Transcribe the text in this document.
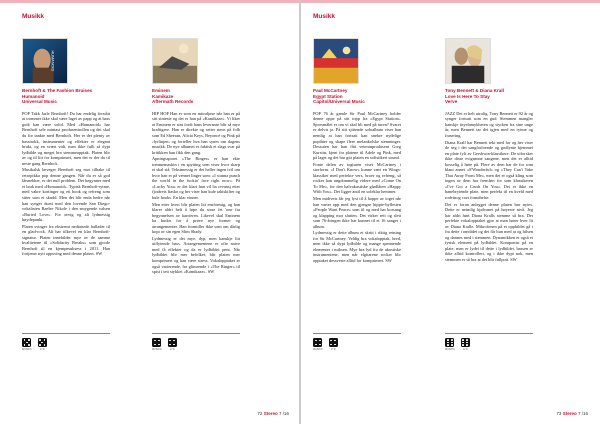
Musikk
HUMANOID
Bernhoft & The Fashion Bruises
Humanoid
Universal Music

POP Takk Jarle Bernhoft! Du har endelig forstått at trommer ikke skal være laget av papp og at bass godt kan være solid. Med «Humanoid» har Bernhoft selv mintast produsentrollen og det skal du for tankte med Bernhoft. Her er det plenty av basstrokk, instrumenter og effekter er elegant brukt, og en svært vidt, men ikke fullt så dypt lydbilde og meget bra stemmeopptak. Platen blir av og til litt for komprimert, men det er der du til neste gang Bernhoft.

Musikalsk beveger Bernhoft seg mot tilbake til retropikka pop denne gangen. Når du er så god låtsnekker, er det null problem. Det begynner med et brak med «Humanoid». Typisk Bernhoft-rytme, med vakre kortinger og ett hook og refreng som sitter som et skudd. Men det blir enda bedre når han synger duett med den lovende San Diego-vokalisten Raelee Nikole i den smygende valsen «Buried Love». For ørvig og alt lydmessig høydepunkt.

Platen svinger fra ekstremt nedtonede ballader til en glad-rock. Alt har tilkeveí en klar Bernhoft-signatur. Platen innehilder mye av de samme kvalitetene til «Solidarity Breaks» som gjorde Bernhoft til en kjempesuksess i 2011. Han fortjener nytt oppsving med denne platen. SW

Eminem
Kamikaze
Aftermath Records

HIP HOP Han er som en mitraljøse når han er på sitt sinteste og det er han på «Kamikaze». Vi liker at Eminem er sint fordi hans leveranse blir så mye kraftigere. Han er direkte og setter navn på folk som Ed Sheeran, Alicia Keys, Beyoncé og Pink på ‹fyrlinjen› og forteller hva han synes om dagens musikk. De nye albumet er faktisk et slags svar på kritikken han fikk den gang.

Åpningssporet «The Ringer» er han ekte tommemaskin i en spytting som viser hvor skarp et skal stå. Tekstmessig er det heller ingen tvil om hvor han er på vennet linger som: «I wanna punch the world in the fuckin' face right now». På «Lucky You» er det klart han vil ha revansj etter fjorårets fiasko og her viser han kule taktskifter og kule hooks. En klar vinner.

Men etter hvert blir platen litt ensformig, og han klarer aldri helt å løpe du store fet 'one fra begynnelsen av karrieren. Likevel skal Eminem ha kudos for å prøve nye former og arrangementer. Han formidler ikke som om dårlig kopi av sin egen Slim Shady.

Lydmessig er det mye, dyp, men kanskje litt utflytende bass. Arrangementene er ofte naive med få effekter og da er lydbildet pent. Når lydbildet blir mer befolket, blir platen mer komprimert og kan være stress. Vokalopptaket er også varierende, fra glimrende i «The Ringer» til spist i tett stykket «Kamikaze». SW

MUSIKK	LYD	MUSIKK	LYD
72 Stereo 7 /16
Musikk
Paul McCartney
Egypt Station
Capitol/Universal Music

POP 76 år gamle Sir Paul McCartney holder denne oppe på sitt topp fra «Egypt Station». Sporsmålet er om vi skal bli med på turen? Svaret er delvis ja. På sitt sjittende soloalbum viser han nemlig at han fortsatt kan snekre nydelige poplåter og skape flere melankolske stemninger. Dessuten har han fått veteranprodusent Greg Kurstin, kjent fra platene til Adele og Pink, med på laget og det har gitt platen en sofistikert sound.

Fonte delen av togturen viser McCartney i storform. «I Don't Know» kunne vært en Wings-klassiker med perfekte vers, broer og refreng, så rocker han ungdommelig videre med «Come On To Me», for den halvakustiske glødlåten «Happy With You». Det ligger antil en soleklar hemmer.

Men midtveis får jeg lyst til å hoppe av toget når han varter opp med den gjengse hippie-hyllesten «People Want Peace» som til og med har korsang og klapping mot slutten. Det virker rett og slett som 76-åringen ikke har kunnet til et 16 sanger i album.

Lydmessig er dette album et skritt i riktig retning for Sir McCartney. Veldig bra vokalopptak, bred, men ikke så dypt lydbilde og mange spennende elementer i miksen. Mye bra lyd fra de akustiske instrumentene, men når elgitarene rocker blir opptaket dessverre alltid for komprimert. SW

Tony Bennett & Diana Krall
Love Is Here To Stay
Verve

JAZZ Det er helt utrolig. Tony Bennett er 92 år og synger fortsatt som en gud. Stemmen mangler kanskje føyelamykheten og styrken fra sine unge år, men Bennett tar det igjen med en rytme og frasering.

Diana Krall har Bennett tekt med for og her viser de seg i det sangforloende og godlynte hjemmet en plate fylt av Gershwin-klassikere. De utforsker ikke disse evigrønne sangene, men det er alltid kosselig å høre på. Flere av dem har de for som blant annet «S'Wonderful» og «They Can't Take That Away From Me», men det er også kling som ingen av dem har fremført for som klassikeren «I've Got a Crush On You». Det er ikke en banebrytende plate, men perfekt til en kveld med rodvinog cozt fornøhelse.

Det er foran anlegget denne platen bør nytes. Dette er neimlig kjølvanet på høyeste nivå. Jeg har aldri hørt Diana Kralls stemme så bra. Det perfekte vokalopptaket gjør at man hører hver lit av Diana Kralle. Mikrofonen på et oppbildet gå i fra dette i området og det får hun med at og hilsen og dannes med i stemmen. Dynamikken er også et fysisk element på lydbildet. Komponist på en plate, men er lydet til dette i lydbildet, bassen er ikke alltid kontrollert, og i ikke dypt nok, men stemmen er så bra at det blir fullpott. SW

MUSIKK	LYD	MUSIKK	LYD
73 Stereo 7 /16
